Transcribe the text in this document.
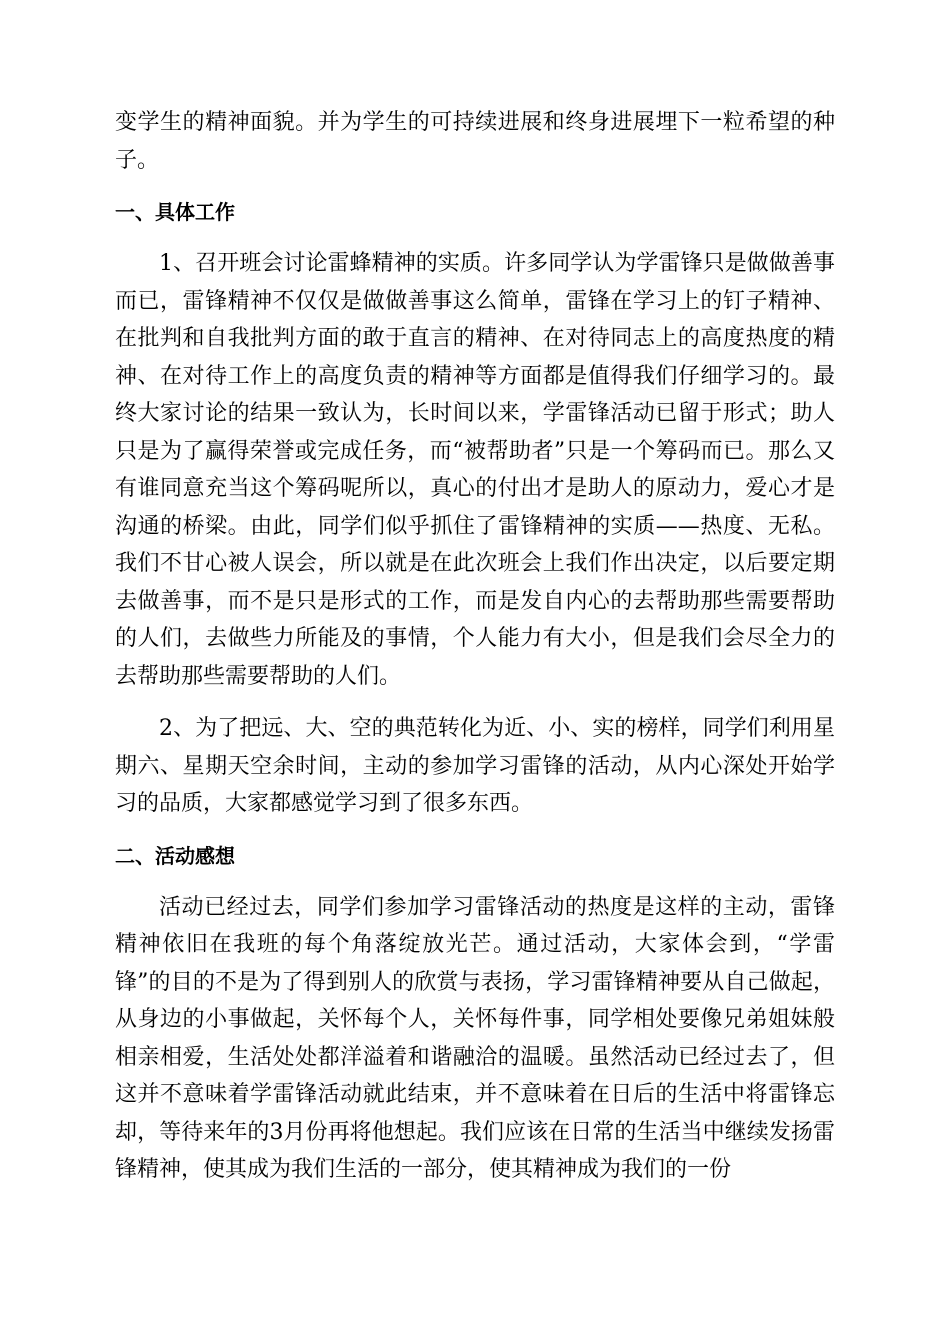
变学生的精神面貌。并为学生的可持续进展和终身进展埋下一粒希望的种子。

一、具体工作

1、召开班会讨论雷蜂精神的实质。许多同学认为学雷锋只是做做善事而已，雷锋精神不仅仅是做做善事这么简单，雷锋在学习上的钉子精神、在批判和自我批判方面的敢于直言的精神、在对待同志上的高度热度的精神、在对待工作上的高度负责的精神等方面都是值得我们仔细学习的。最终大家讨论的结果一致认为，长时间以来，学雷锋活动已留于形式；助人只是为了赢得荣誉或完成任务，而“被帮助者”只是一个筹码而已。那么又有谁同意充当这个筹码呢所以，真心的付出才是助人的原动力，爱心才是沟通的桥梁。由此，同学们似乎抓住了雷锋精神的实质——热度、无私。我们不甘心被人误会，所以就是在此次班会上我们作出决定，以后要定期去做善事，而不是只是形式的工作，而是发自内心的去帮助那些需要帮助的人们，去做些力所能及的事情，个人能力有大小，但是我们会尽全力的去帮助那些需要帮助的人们。

2、为了把远、大、空的典范转化为近、小、实的榜样，同学们利用星期六、星期天空余时间，主动的参加学习雷锋的活动，从内心深处开始学习的品质，大家都感觉学习到了很多东西。

二、活动感想

活动已经过去，同学们参加学习雷锋活动的热度是这样的主动，雷锋精神依旧在我班的每个角落绽放光芒。通过活动，大家体会到，“学雷锋”的目的不是为了得到别人的欣赏与表扬，学习雷锋精神要从自己做起，从身边的小事做起，关怀每个人，关怀每件事，同学相处要像兄弟姐妹般相亲相爱，生活处处都洋溢着和谐融洽的温暖。虽然活动已经过去了，但这并不意味着学雷锋活动就此结束，并不意味着在日后的生活中将雷锋忘却，等待来年的3月份再将他想起。我们应该在日常的生活当中继续发扬雷锋精神，使其成为我们生活的一部分，使其精神成为我们的一份
